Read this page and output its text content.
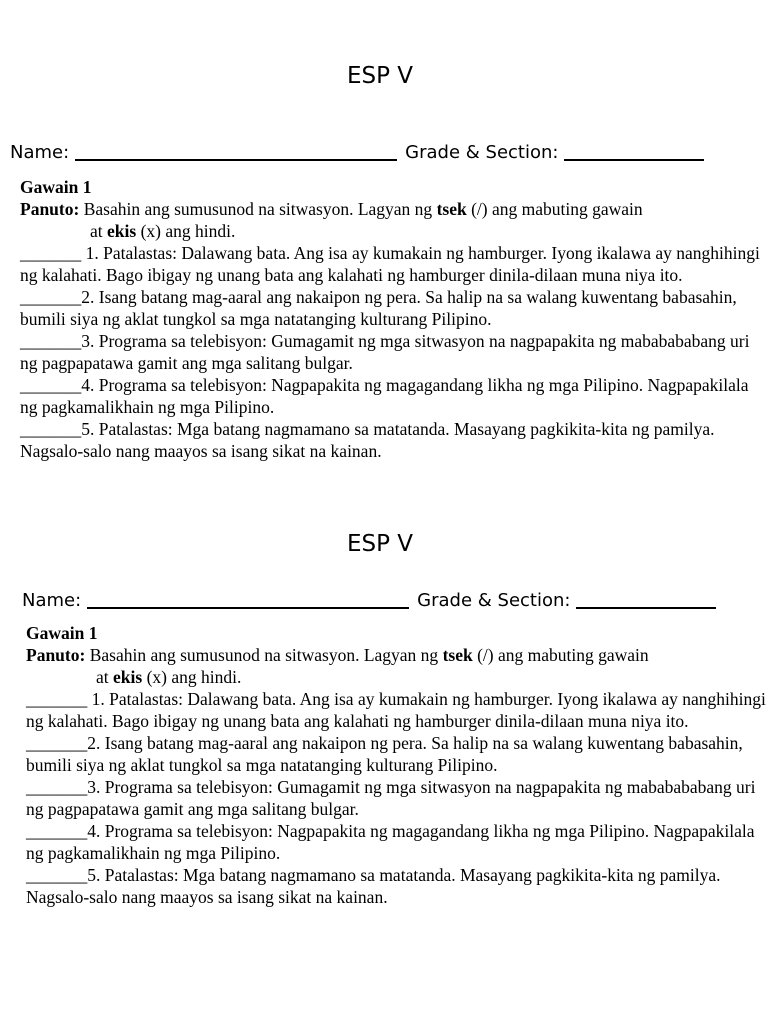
ESP V
Name:	Grade & Section:
Gawain 1
Panuto: Basahin ang sumusunod na sitwasyon. Lagyan ng tsek (/) ang mabuting gawain
at ekis (x) ang hindi.

_______ 1. Patalastas: Dalawang bata. Ang isa ay kumakain ng hamburger. Iyong ikalawa ay nanghihingi ng kalahati. Bago ibigay ng unang bata ang kalahati ng hamburger dinila-dilaan muna niya ito.

_______2. Isang batang mag-aaral ang nakaipon ng pera. Sa halip na sa walang kuwentang babasahin, bumili siya ng aklat tungkol sa mga natatanging kulturang Pilipino.

_______3. Programa sa telebisyon: Gumagamit ng mga sitwasyon na nagpapakita ng mababababang uri ng pagpapatawa gamit ang mga salitang bulgar.

_______4. Programa sa telebisyon: Nagpapakita ng magagandang likha ng mga Pilipino. Nagpapakilala ng pagkamalikhain ng mga Pilipino.

_______5. Patalastas: Mga batang nagmamano sa matatanda. Masayang pagkikita-kita ng pamilya. Nagsalo-salo nang maayos sa isang sikat na kainan.

ESP V
Name:	Grade & Section:
Gawain 1
Panuto: Basahin ang sumusunod na sitwasyon. Lagyan ng tsek (/) ang mabuting gawain
at ekis (x) ang hindi.

_______ 1. Patalastas: Dalawang bata. Ang isa ay kumakain ng hamburger. Iyong ikalawa ay nanghihingi ng kalahati. Bago ibigay ng unang bata ang kalahati ng hamburger dinila-dilaan muna niya ito.

_______2. Isang batang mag-aaral ang nakaipon ng pera. Sa halip na sa walang kuwentang babasahin, bumili siya ng aklat tungkol sa mga natatanging kulturang Pilipino.

_______3. Programa sa telebisyon: Gumagamit ng mga sitwasyon na nagpapakita ng mababababang uri ng pagpapatawa gamit ang mga salitang bulgar.

_______4. Programa sa telebisyon: Nagpapakita ng magagandang likha ng mga Pilipino. Nagpapakilala ng pagkamalikhain ng mga Pilipino.

_______5. Patalastas: Mga batang nagmamano sa matatanda. Masayang pagkikita-kita ng pamilya. Nagsalo-salo nang maayos sa isang sikat na kainan.
